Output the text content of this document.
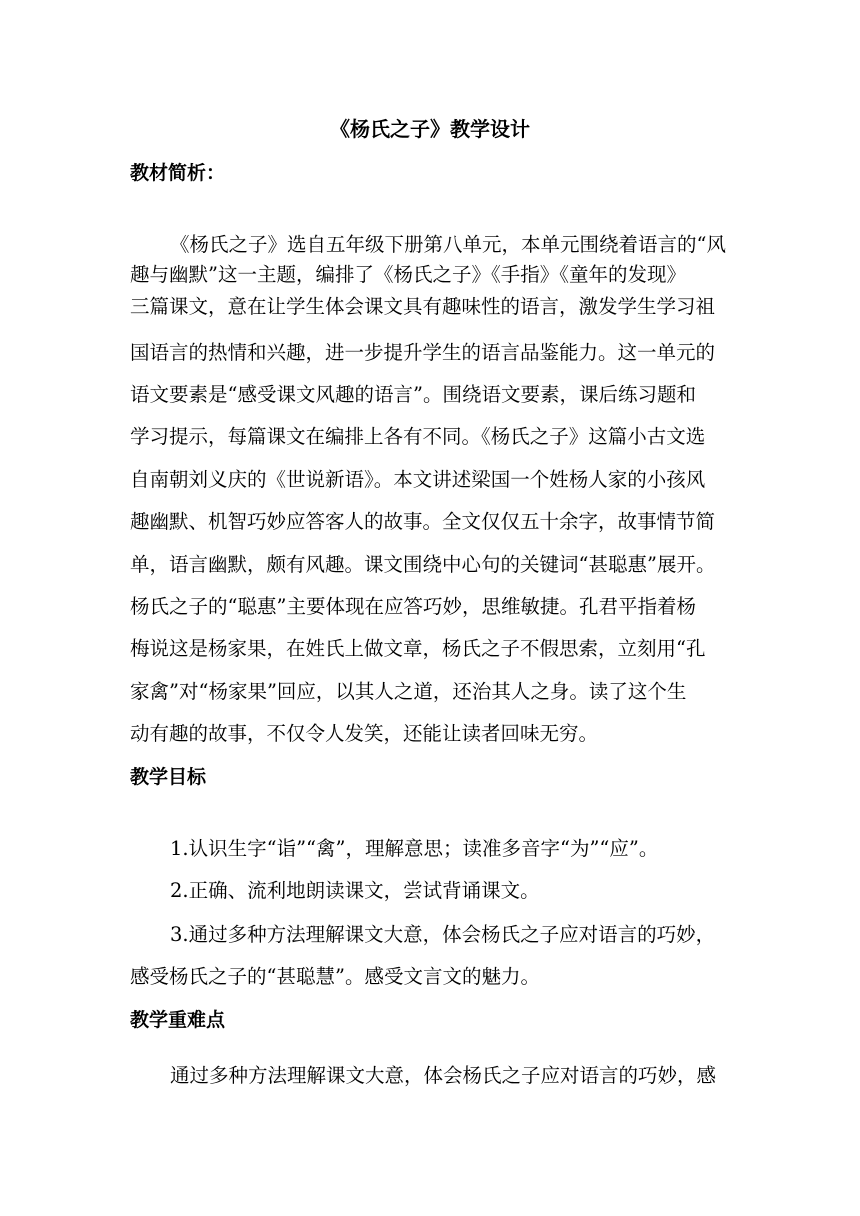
《杨氏之子》教学设计
教材简析：
《杨氏之子》选自五年级下册第八单元，本单元围绕着语言的“风
趣与幽默”这一主题，编排了《杨氏之子》《手指》《童年的发现》
三篇课文，意在让学生体会课文具有趣味性的语言，激发学生学习祖
国语言的热情和兴趣，进一步提升学生的语言品鉴能力。这一单元的
语文要素是“感受课文风趣的语言”。围绕语文要素，课后练习题和
学习提示，每篇课文在编排上各有不同。《杨氏之子》这篇小古文选
自南朝刘义庆的《世说新语》。本文讲述梁国一个姓杨人家的小孩风
趣幽默、机智巧妙应答客人的故事。全文仅仅五十余字，故事情节简
单，语言幽默，颇有风趣。课文围绕中心句的关键词“甚聪惠”展开。
杨氏之子的“聪惠”主要体现在应答巧妙，思维敏捷。孔君平指着杨
梅说这是杨家果，在姓氏上做文章，杨氏之子不假思索，立刻用“孔
家禽”对“杨家果”回应，以其人之道，还治其人之身。读了这个生
动有趣的故事，不仅令人发笑，还能让读者回味无穷。
教学目标
1.认识生字“诣”“禽”，理解意思；读准多音字“为”“应”。
2.正确、流利地朗读课文，尝试背诵课文。
3.通过多种方法理解课文大意，体会杨氏之子应对语言的巧妙，
感受杨氏之子的“甚聪慧”。感受文言文的魅力。
教学重难点
通过多种方法理解课文大意，体会杨氏之子应对语言的巧妙，感
